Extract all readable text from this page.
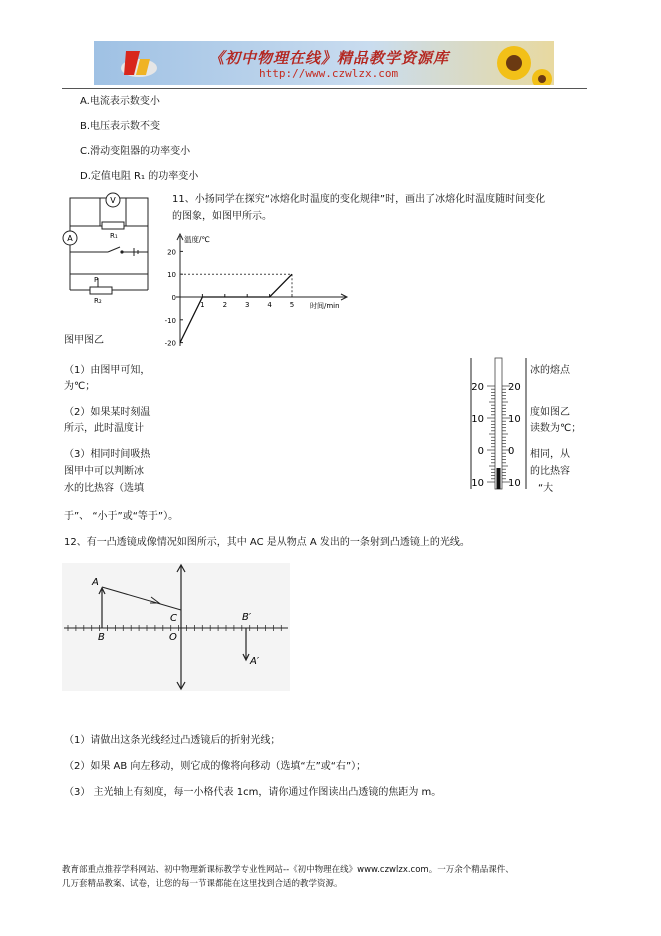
《初中物理在线》精品教学资源库
http://www.czwlzx.com
A.电流表示数变小
B.电压表示数不变
C.滑动变阻器的功率变小
D.定值电阻 R₁ 的功率变小
V
A	R₁
P
R₂
11、小扬同学在探究“冰熔化时温度的变化规律”时，画出了冰熔化时温度随时间变化
的图象，如图甲所示。
温度/℃
时间/min
20
10
0
-10
-20
1	2	3	4	5
20 20
10 10
0 0
10 10
图甲图乙
（1）由图甲可知，
为℃；
冰的熔点
（2）如果某时刻温
所示，此时温度计
度如图乙
读数为℃；
（3）相同时间吸热
图甲中可以判断冰
水的比热容（选填
相同，从
的比热容
“大
于”、 “小于”或“等于”）。
12、有一凸透镜成像情况如图所示，其中 AC 是从物点 A 发出的一条射到凸透镜上的光线。
A
B
C
O
B′
A′
（1）请做出这条光线经过凸透镜后的折射光线；
（2）如果 AB 向左移动，则它成的像将向移动（选填“左”或“右”）；
（3） 主光轴上有刻度，每一小格代表 1cm，请你通过作图读出凸透镜的焦距为 m。
教育部重点推荐学科网站、初中物理新课标教学专业性网站--《初中物理在线》www.czwlzx.com。一万余个精品课件、
几万套精品教案、试卷，让您的每一节课都能在这里找到合适的教学资源。
